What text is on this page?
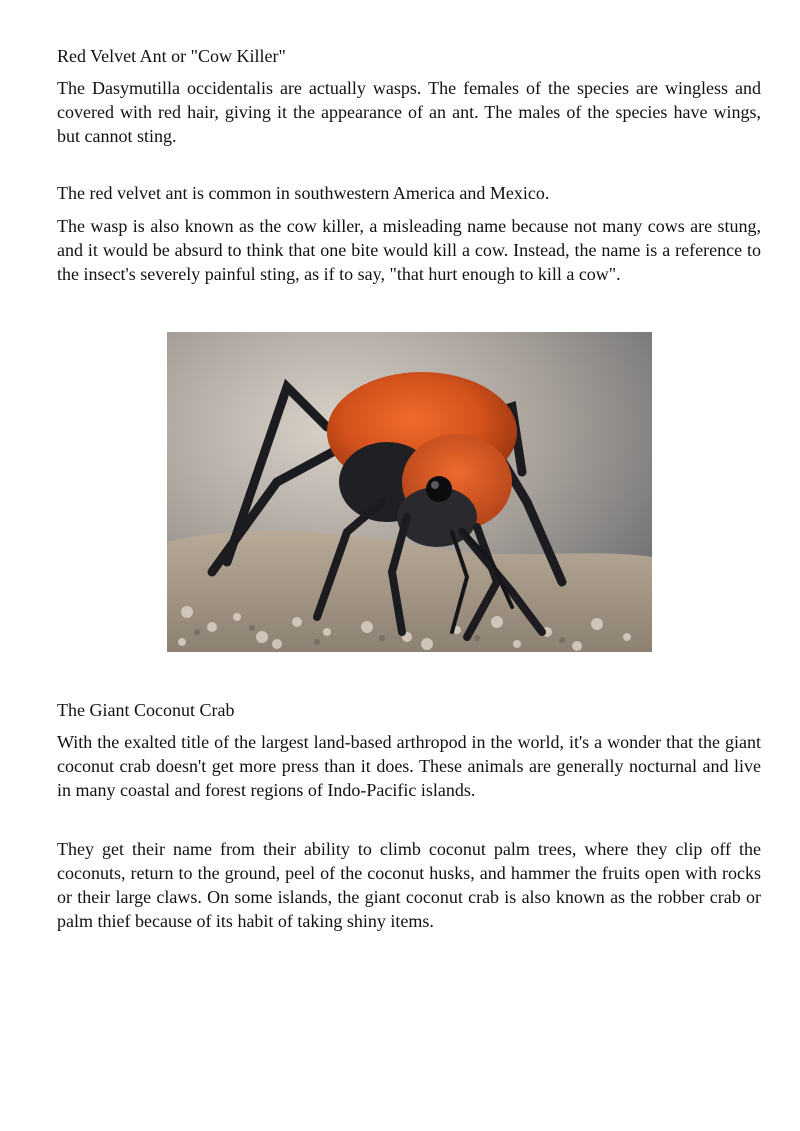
Red Velvet Ant or "Cow Killer"

The Dasymutilla occidentalis are actually wasps. The females of the species are wingless and covered with red hair, giving it the appearance of an ant. The males of the species have wings, but cannot sting.

The red velvet ant is common in southwestern America and Mexico.

The wasp is also known as the cow killer, a misleading name because not many cows are stung, and it would be absurd to think that one bite would kill a cow. Instead, the name is a reference to the insect's severely painful sting, as if to say, "that hurt enough to kill a cow".

The Giant Coconut Crab

With the exalted title of the largest land-based arthropod in the world, it's a wonder that the giant coconut crab doesn't get more press than it does. These animals are generally nocturnal and live in many coastal and forest regions of Indo-Pacific islands.

They get their name from their ability to climb coconut palm trees, where they clip off the coconuts, return to the ground, peel of the coconut husks, and hammer the fruits open with rocks or their large claws. On some islands, the giant coconut crab is also known as the robber crab or palm thief because of its habit of taking shiny items.
